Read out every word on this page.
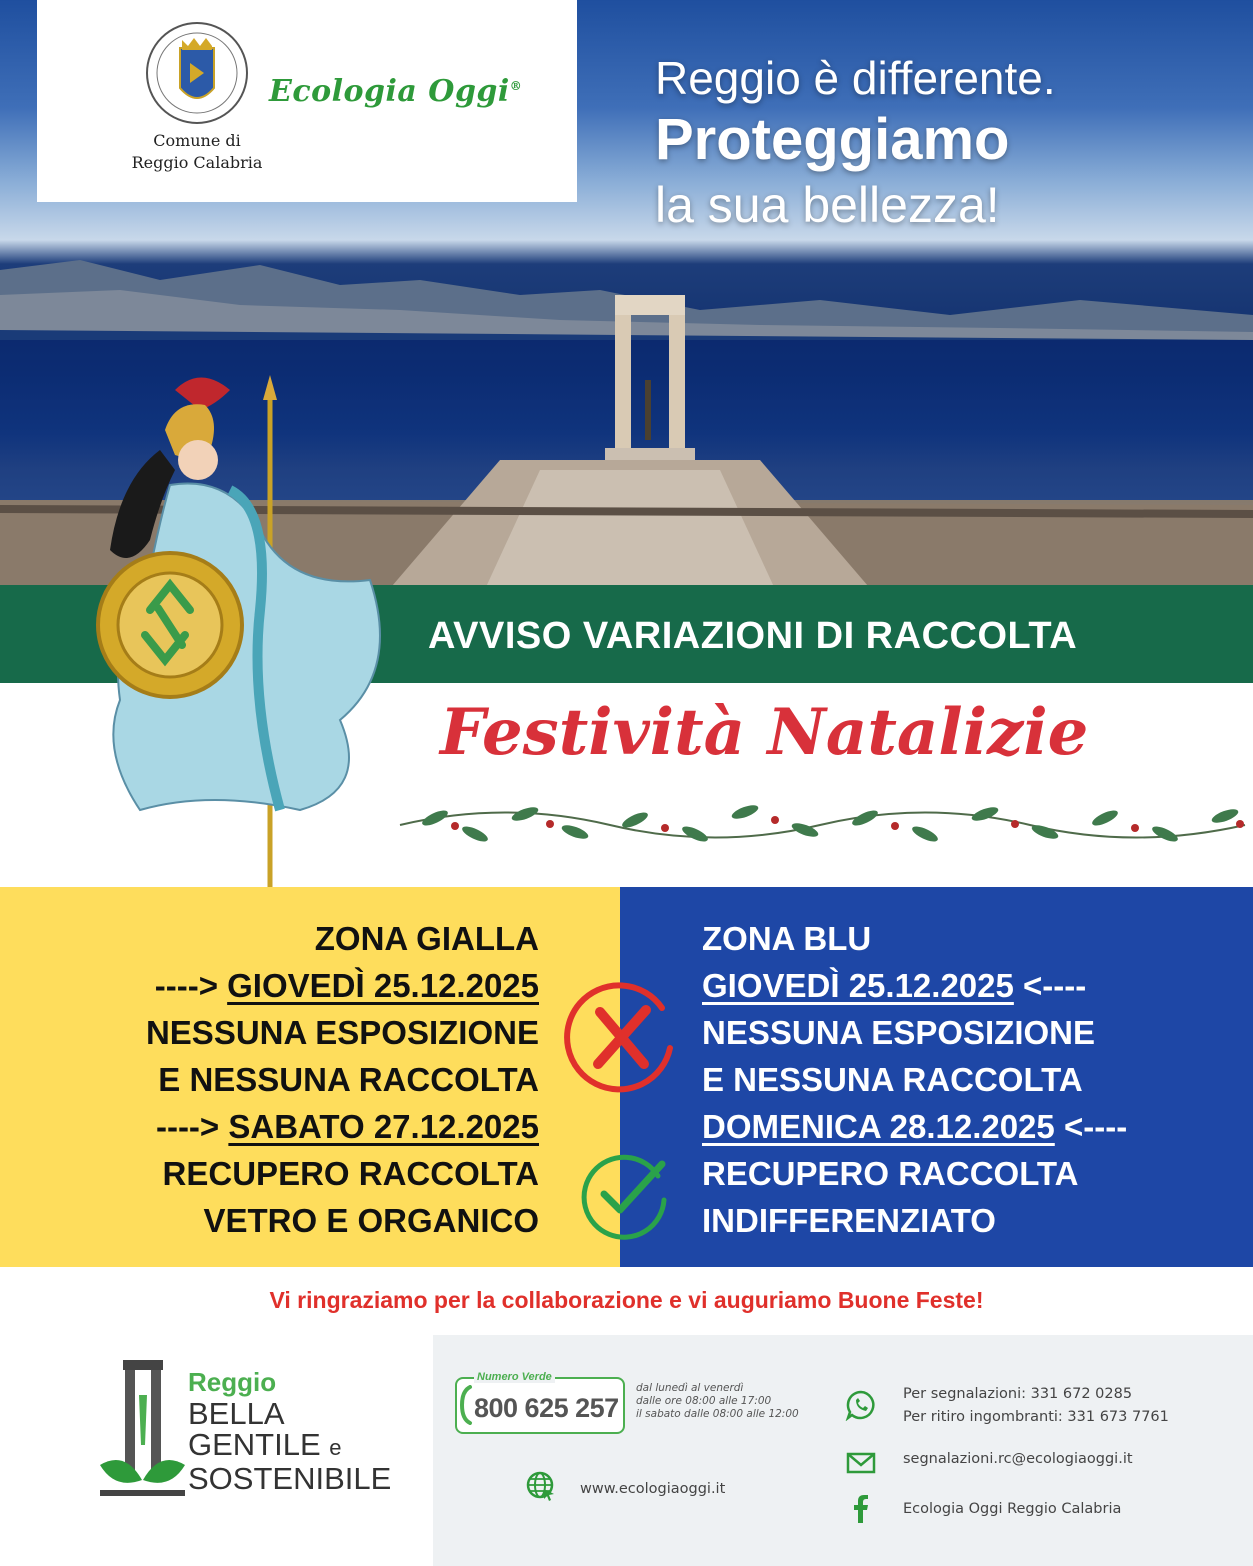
Comune di
Reggio Calabria
Ecologia Oggi®	Reggio è differente.
Proteggiamo
la sua bellezza!
AVVISO VARIAZIONI DI RACCOLTA
Festività Natalizie
ZONA GIALLA
----> GIOVEDÌ 25.12.2025
NESSUNA ESPOSIZIONE
E NESSUNA RACCOLTA
----> SABATO 27.12.2025
RECUPERO RACCOLTA
VETRO E ORGANICO
ZONA BLU
GIOVEDÌ 25.12.2025 <----
NESSUNA ESPOSIZIONE
E NESSUNA RACCOLTA
DOMENICA 28.12.2025 <----
RECUPERO RACCOLTA
INDIFFERENZIATO
Vi ringraziamo per la collaborazione e vi auguriamo Buone Feste!
Reggio
BELLA
GENTILE e
SOSTENIBILE
Numero Verde
800 625 257
dal lunedì al venerdì
dalle ore 08:00 alle 17:00
il sabato dalle 08:00 alle 12:00
www.ecologiaoggi.it
Per segnalazioni: 331 672 0285
Per ritiro ingombranti: 331 673 7761
segnalazioni.rc@ecologiaoggi.it
Ecologia Oggi Reggio Calabria
